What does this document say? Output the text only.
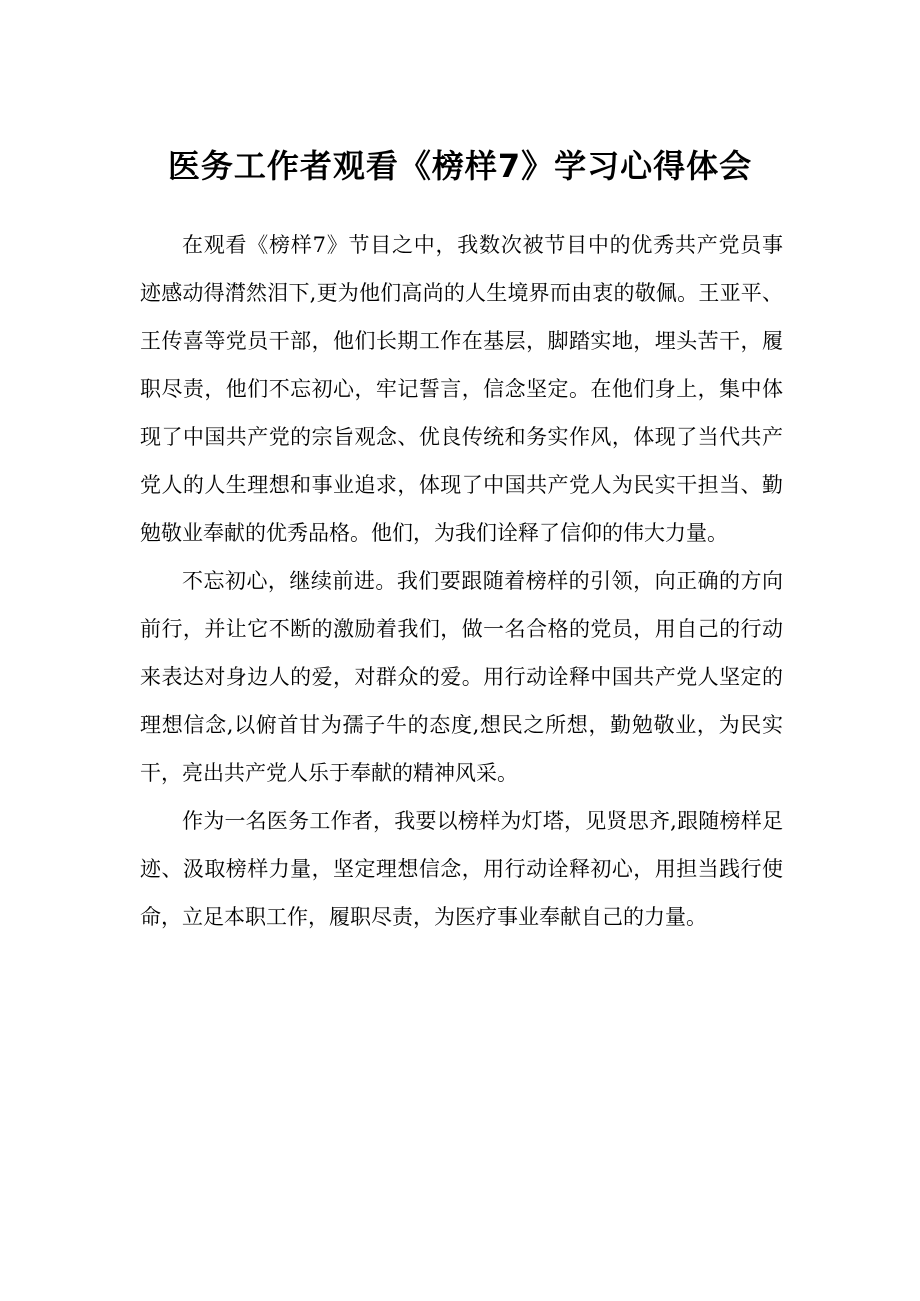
医务工作者观看《榜样7》学习心得体会

在观看《榜样7》节目之中，我数次被节目中的优秀共产党员事迹感动得潸然泪下,更为他们高尚的人生境界而由衷的敬佩。王亚平、王传喜等党员干部，他们长期工作在基层，脚踏实地，埋头苦干，履职尽责，他们不忘初心，牢记誓言，信念坚定。在他们身上，集中体现了中国共产党的宗旨观念、优良传统和务实作风，体现了当代共产党人的人生理想和事业追求，体现了中国共产党人为民实干担当、勤勉敬业奉献的优秀品格。他们，为我们诠释了信仰的伟大力量。

不忘初心，继续前进。我们要跟随着榜样的引领，向正确的方向前行，并让它不断的激励着我们，做一名合格的党员，用自己的行动来表达对身边人的爱，对群众的爱。用行动诠释中国共产党人坚定的理想信念,以俯首甘为孺子牛的态度,想民之所想，勤勉敬业，为民实干，亮出共产党人乐于奉献的精神风采。

作为一名医务工作者，我要以榜样为灯塔，见贤思齐,跟随榜样足迹、汲取榜样力量，坚定理想信念，用行动诠释初心，用担当践行使命，立足本职工作，履职尽责，为医疗事业奉献自己的力量。
